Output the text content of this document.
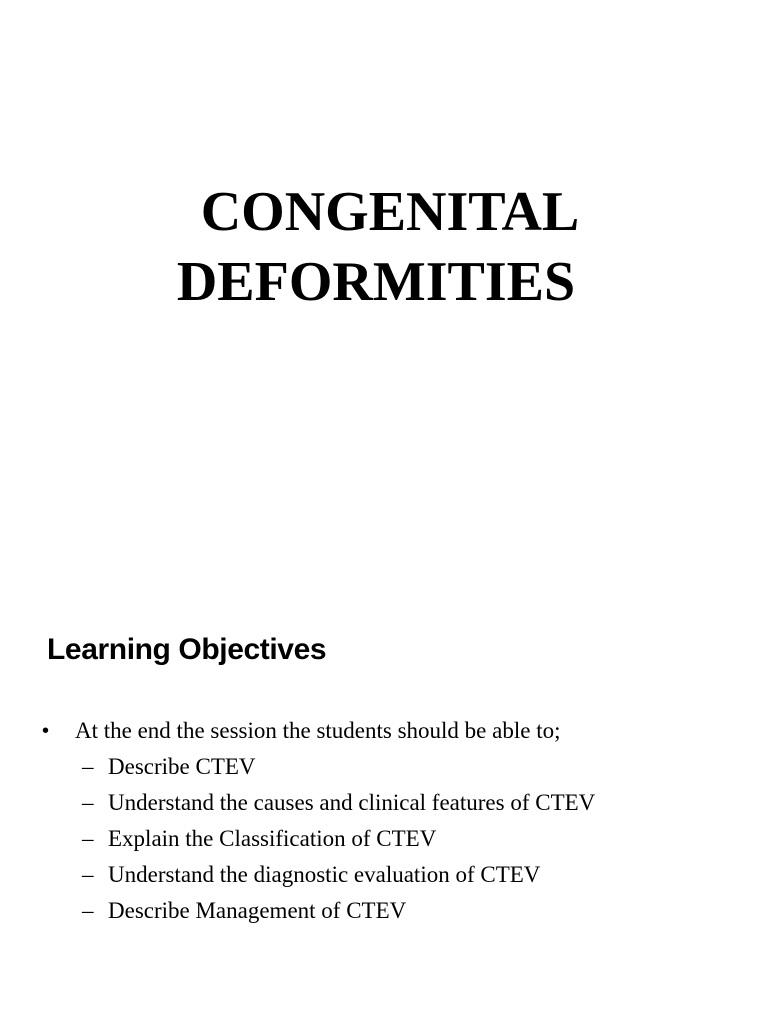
CONGENITAL
DEFORMITIES
Learning Objectives
•	At the end the session the students should be able to;
– Describe CTEV
– Understand the causes and clinical features of CTEV
– Explain the Classification of CTEV
– Understand the diagnostic evaluation of CTEV
– Describe Management of CTEV
